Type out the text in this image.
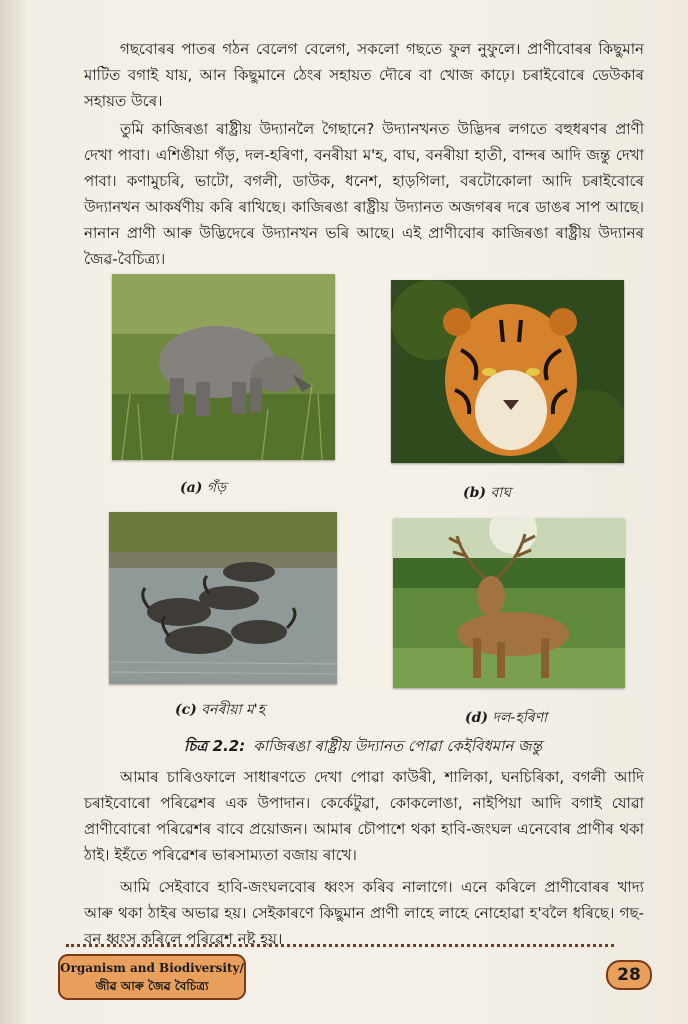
গছবোৰৰ পাতৰ গঠন বেলেগ বেলেগ, সকলো গছতে ফুল নুফুলে। প্ৰাণীবোৰৰ কিছুমান মাটিত বগাই যায়, আন কিছুমানে ঠেংৰ সহায়ত দৌৰে বা খোজ কাঢ়ে। চৰাইবোৰে ডেউকাৰ সহায়ত উৰে।

তুমি কাজিৰঙা ৰাষ্ট্ৰীয় উদ্যানলৈ গৈছানে? উদ্যানখনত উদ্ভিদৰ লগতে বহুধৰণৰ প্ৰাণী দেখা পাবা। এশিঙীয়া গঁড়, দল-হৰিণা, বনৰীয়া ম'হ, বাঘ, বনৰীয়া হাতী, বান্দৰ আদি জন্তু দেখা পাবা। কণামুচৰি, ভাটো, বগলী, ডাউক, ধনেশ, হাড়গিলা, বৰটোকোলা আদি চৰাইবোৰে উদ্যানখন আকৰ্ষণীয় কৰি ৰাখিছে। কাজিৰঙা ৰাষ্ট্ৰীয় উদ্যানত অজগৰৰ দৰে ডাঙৰ সাপ আছে। নানান প্ৰাণী আৰু উদ্ভিদেৰে উদ্যানখন ভৰি আছে। এই প্ৰাণীবোৰ কাজিৰঙা ৰাষ্ট্ৰীয় উদ্যানৰ জৈৱ-বৈচিত্ৰ্য।

(a) গঁড়	(b) বাঘ
(c) বনৰীয়া ম'হ	(d) দল-হৰিণা
চিত্ৰ 2.2: কাজিৰঙা ৰাষ্ট্ৰীয় উদ্যানত পোৱা কেইবিধমান জন্তু

আমাৰ চাৰিওফালে সাধাৰণতে দেখা পোৱা কাউৰী, শালিকা, ঘনচিৰিকা, বগলী আদি চৰাইবোৰো পৰিৱেশৰ এক উপাদান। কেৰ্কেটুৱা, কোকলোঙা, নাইপিয়া আদি বগাই যোৱা প্ৰাণীবোৰো পৰিৱেশৰ বাবে প্ৰয়োজন। আমাৰ চৌপাশে থকা হাবি-জংঘল এনেবোৰ প্ৰাণীৰ থকা ঠাই। ইহঁতে পৰিৱেশৰ ভাৰসাম্যতা বজায় ৰাখে।

আমি সেইবাবে হাবি-জংঘলবোৰ ধ্বংস কৰিব নালাগে। এনে কৰিলে প্ৰাণীবোৰৰ খাদ্য আৰু থকা ঠাইৰ অভাৱ হয়। সেইকাৰণে কিছুমান প্ৰাণী লাহে লাহে নোহোৱা হ'বলৈ ধৰিছে। গছ-বন ধ্বংস কৰিলে পৰিৱেশ নষ্ট হয়।

Organism and Biodiversity/
জীৱ আৰু জৈৱ বৈচিত্ৰ্য
28
